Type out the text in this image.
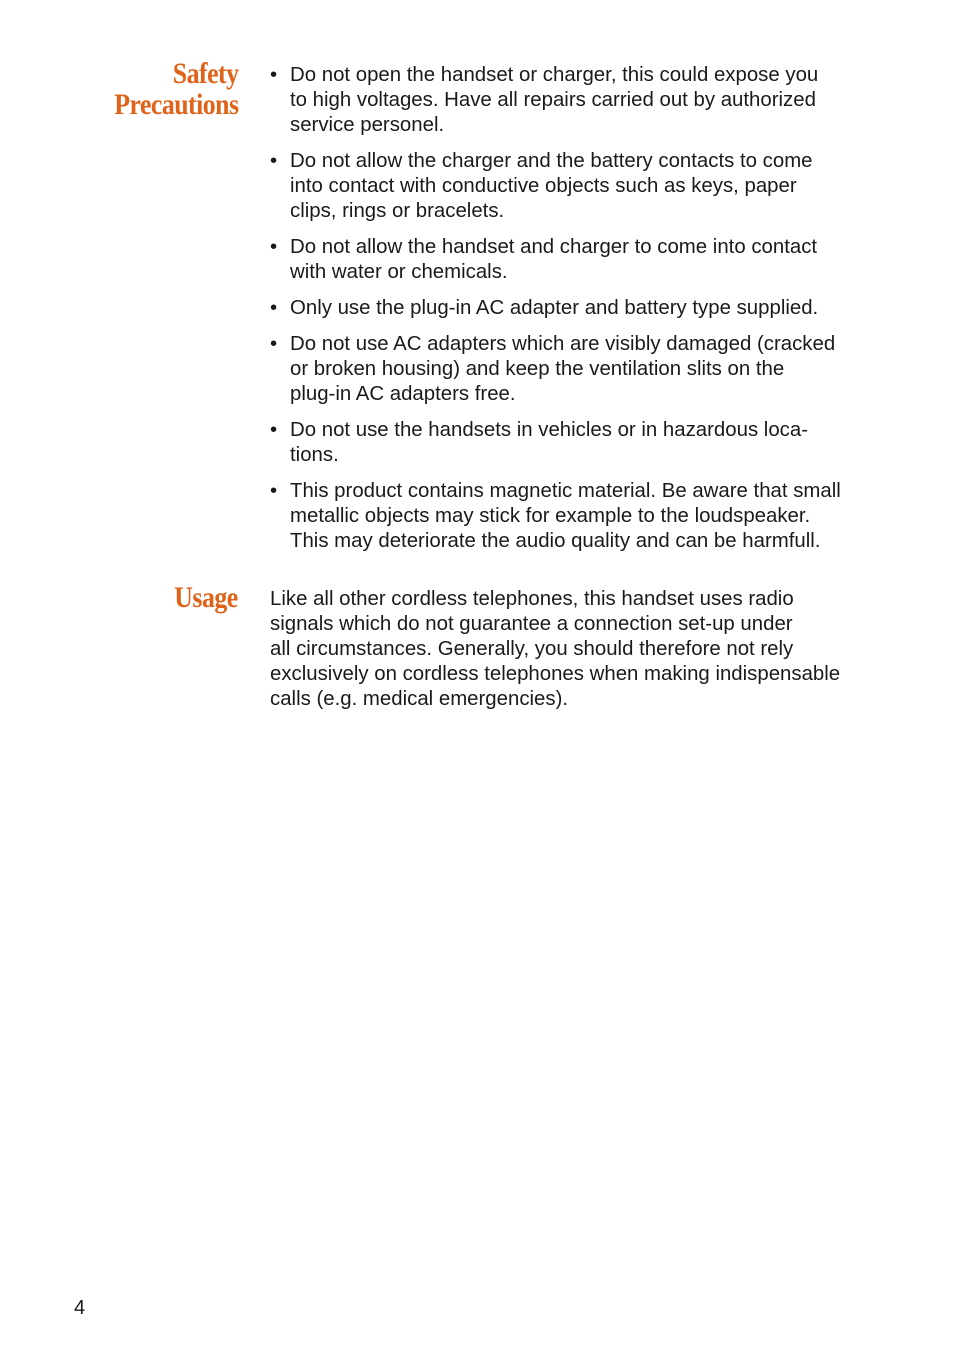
Safety
Precautions
• Do not open the handset or charger, this could expose you
to high voltages. Have all repairs carried out by authorized
service personel.
• Do not allow the charger and the battery contacts to come
into contact with conductive objects such as keys, paper
clips, rings or bracelets.
• Do not allow the handset and charger to come into contact
with water or chemicals.
• Only use the plug-in AC adapter and battery type supplied.
• Do not use AC adapters which are visibly damaged (cracked
or broken housing) and keep the ventilation slits on the
plug-in AC adapters free.
• Do not use the handsets in vehicles or in hazardous loca-
tions.
• This product contains magnetic material. Be aware that small
metallic objects may stick for example to the loudspeaker.
This may deteriorate the audio quality and can be harmfull.
Usage Like all other cordless telephones, this handset uses radio
signals which do not guarantee a connection set-up under
all circumstances. Generally, you should therefore not rely
exclusively on cordless telephones when making indispensable
calls (e.g. medical emergencies).

4
